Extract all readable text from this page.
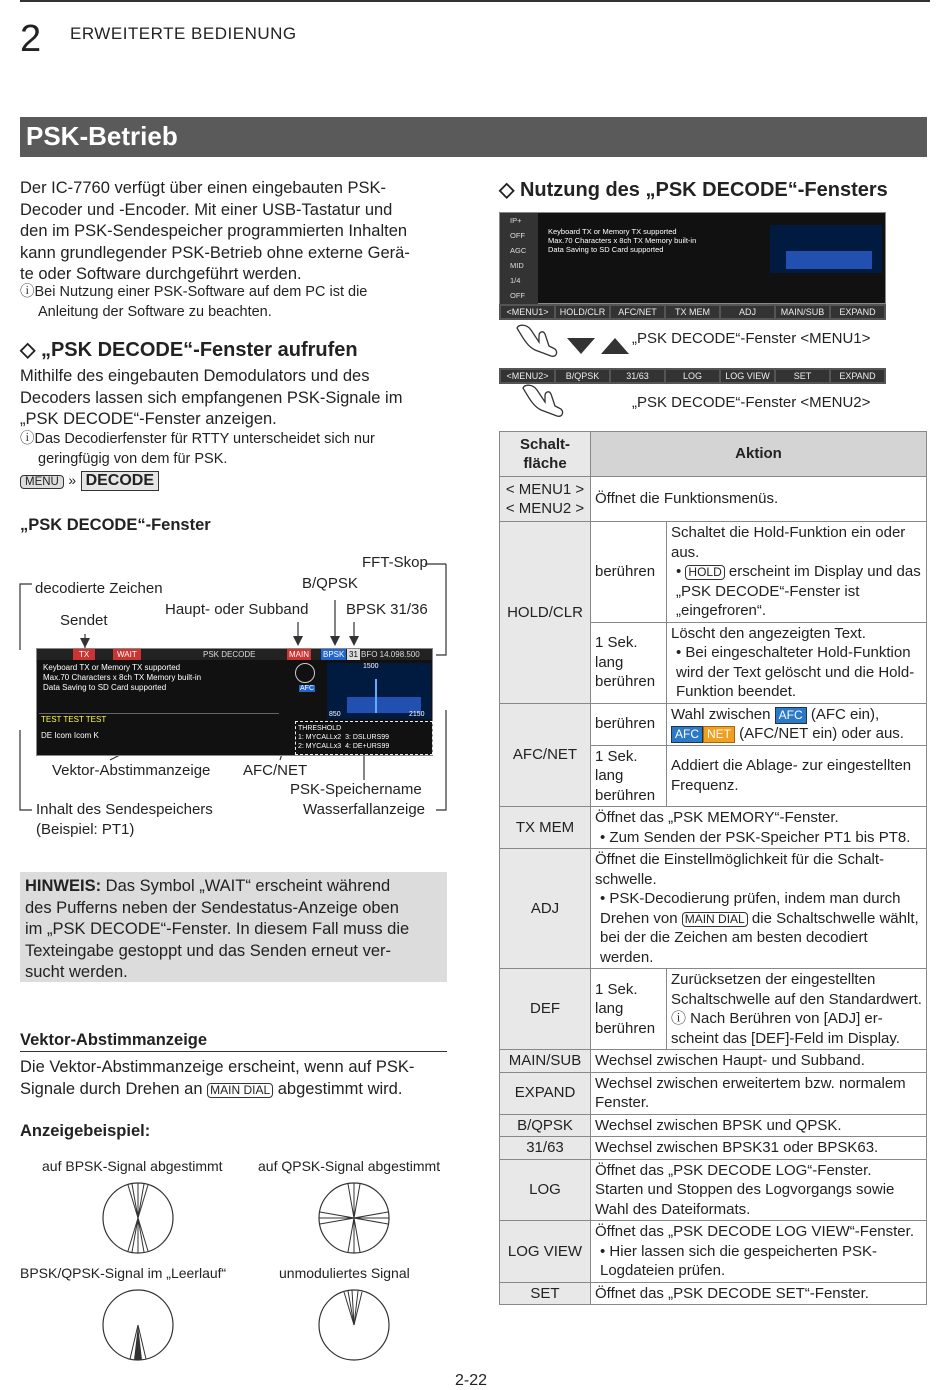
2 ERWEITERTE BEDIENUNG
PSK-Betrieb
Der IC-7760 verfügt über einen eingebauten PSK-
Decoder und -Encoder. Mit einer USB-Tastatur und
den im PSK-Sendespeicher programmierten Inhalten
kann grundlegender PSK-Betrieb ohne externe Gerä-
te oder Software durchgeführt werden.
ⓘBei Nutzung einer PSK-Software auf dem PC ist die
Anleitung der Software zu beachten.
◇ „PSK DECODE“-Fenster aufrufen
Mithilfe des eingebauten Demodulators und des
Decoders lassen sich empfangenen PSK-Signale im
„PSK DECODE“-Fenster anzeigen.
ⓘDas Decodierfenster für RTTY unterscheidet sich nur
geringfügig von dem für PSK.
MENU » DECODE
„PSK DECODE“-Fenster
FFT-Skop
B/QPSK
decodierte Zeichen
Haupt- oder Subband	BPSK 31/36
Sendet
TX	WAIT	PSK DECODE	MAIN BPSK 31 BFO 14.098.500
Keyboard TX or Memory TX supported
Max.70 Characters x 8ch TX Memory built-in
Data Saving to SD Card supported
TEST TEST TEST
DE Icom Icom K
AFC
1500
850	2150
THRESHOLD
1: MYCALLx2 3: DSLURS99
2: MYCALLx3 4: DE+URS99
Vektor-Abstimmanzeige AFC/NET
PSK-Speichername
Inhalt des Sendespeichers	Wasserfallanzeige
(Beispiel: PT1)
HINWEIS: Das Symbol „WAIT“ erscheint während
des Pufferns neben der Sendestatus-Anzeige oben
im „PSK DECODE“-Fenster. In diesem Fall muss die
Texteingabe gestoppt und das Senden erneut ver-
sucht werden.
Vektor-Abstimmanzeige
Die Vektor-Abstimmanzeige erscheint, wenn auf PSK-
Signale durch Drehen an MAIN DIAL abgestimmt wird.
Anzeigebeispiel:
auf BPSK-Signal abgestimmt	auf QPSK-Signal abgestimmt
BPSK/QPSK-Signal im „Leerlauf“	unmoduliertes Signal
◇ Nutzung des „PSK DECODE“-Fensters
IP+
OFF
AGC
MID
1/4
OFF
Keyboard TX or Memory TX supported
Max.70 Characters x 8ch TX Memory built-in
Data Saving to SD Card supported
<MENU1>	HOLD/CLR	AFC/NET	TX MEM	ADJ	MAIN/SUB	EXPAND
„PSK DECODE“-Fenster <MENU1>
<MENU2>	B/QPSK	31/63	LOG	LOG VIEW	SET	EXPAND
„PSK DECODE“-Fenster <MENU2>
Schalt-
fläche	Aktion	
< MENU1 >
< MENU2 >	Öffnet die Funktionsmenüs.	
HOLD/CLR	berühren	Schaltet die Hold-Funktion ein oder aus.
• HOLD erscheint im Display und das „PSK DECODE“-Fenster ist „eingefroren“.

	1 Sek. lang berühren	Löscht den angezeigten Text.
• Bei eingeschalteter Hold-Funktion wird der Text gelöscht und die Hold-Funktion beendet.

AFC/NET	berühren	Wahl zwischen AFC (AFC ein),
AFC NET (AFC/NET ein) oder aus.
	1 Sek. lang berühren	Addiert die Ablage- zur eingestellten Frequenz.
TX MEM	Öffnet das „PSK MEMORY“-Fenster.
• Zum Senden der PSK-Speicher PT1 bis PT8.	

ADJ	Öffnet die Einstellmöglichkeit für die Schaltschwelle.
• PSK-Decodierung prüfen, indem man durch Drehen von MAIN DIAL die Schaltschwelle wählt, bei der die Zeichen am besten decodiert werden.	

DEF	1 Sek. lang berühren	Zurücksetzen der eingestellten Schaltschwelle auf den Standardwert.
ⓘ Nach Berühren von [ADJ] erscheint das [DEF]-Feld im Display.

MAIN/SUB	Wechsel zwischen Haupt- und Subband.	
EXPAND	Wechsel zwischen erweitertem bzw. normalem Fenster.	
B/QPSK	Wechsel zwischen BPSK und QPSK.	
31/63	Wechsel zwischen BPSK31 oder BPSK63.	
LOG	Öffnet das „PSK DECODE LOG“-Fenster. Starten und Stoppen des Logvorgangs sowie Wahl des Dateiformats.	
LOG VIEW	Öffnet das „PSK DECODE LOG VIEW“-Fenster.
• Hier lassen sich die gespeicherten PSK-Logdateien prüfen.	

SET	Öffnet das „PSK DECODE SET“-Fenster.	
2-22
